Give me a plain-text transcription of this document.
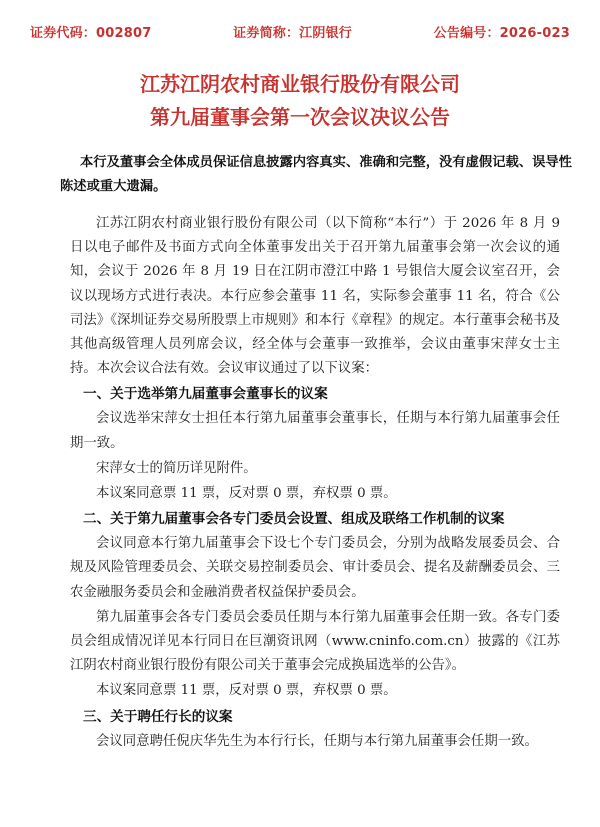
证券代码：002807	证券简称：江阴银行	公告编号：2026-023
江苏江阴农村商业银行股份有限公司
第九届董事会第一次会议决议公告
本行及董事会全体成员保证信息披露内容真实、准确和完整，没有虚假记载、误导性陈述或重大遗漏。

江苏江阴农村商业银行股份有限公司（以下简称“本行”）于 2026 年 8 月 9 日以电子邮件及书面方式向全体董事发出关于召开第九届董事会第一次会议的通知，会议于 2026 年 8 月 19 日在江阴市澄江中路 1 号银信大厦会议室召开，会议以现场方式进行表决。本行应参会董事 11 名，实际参会董事 11 名，符合《公司法》《深圳证券交易所股票上市规则》和本行《章程》的规定。本行董事会秘书及其他高级管理人员列席会议，经全体与会董事一致推举，会议由董事宋萍女士主持。本次会议合法有效。会议审议通过了以下议案：

一、关于选举第九届董事会董事长的议案

会议选举宋萍女士担任本行第九届董事会董事长，任期与本行第九届董事会任期一致。

宋萍女士的简历详见附件。

本议案同意票 11 票，反对票 0 票，弃权票 0 票。

二、关于第九届董事会各专门委员会设置、组成及联络工作机制的议案

会议同意本行第九届董事会下设七个专门委员会，分别为战略发展委员会、合规及风险管理委员会、关联交易控制委员会、审计委员会、提名及薪酬委员会、三农金融服务委员会和金融消费者权益保护委员会。

第九届董事会各专门委员会委员任期与本行第九届董事会任期一致。各专门委员会组成情况详见本行同日在巨潮资讯网（www.cninfo.com.cn）披露的《江苏江阴农村商业银行股份有限公司关于董事会完成换届选举的公告》。

本议案同意票 11 票，反对票 0 票，弃权票 0 票。

三、关于聘任行长的议案

会议同意聘任倪庆华先生为本行行长，任期与本行第九届董事会任期一致。
